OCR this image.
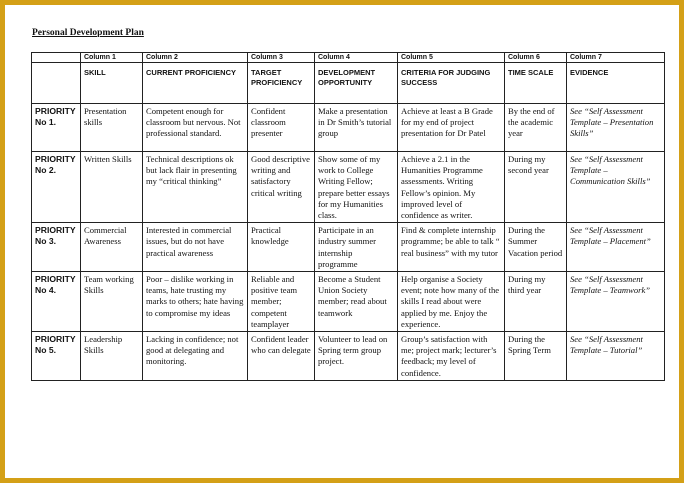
Personal Development Plan
	Column 1	Column 2	Column 3	Column 4	Column 5	Column 6	Column 7
	SKILL	CURRENT PROFICIENCY	TARGET PROFICIENCY	DEVELOPMENT OPPORTUNITY	CRITERIA FOR JUDGING SUCCESS	TIME SCALE	EVIDENCE
PRIORITY No 1.	Presentation skills	Competent enough for classroom but nervous. Not professional standard.	Confident classroom presenter	Make a presentation in Dr Smith’s tutorial group	Achieve at least a B Grade for my end of project presentation for Dr Patel	By the end of the academic year	See “Self Assessment Template – Presentation Skills”
PRIORITY No 2.	Written Skills	Technical descriptions ok but lack flair in presenting my “critical thinking”	Good descriptive writing and satisfactory critical writing	Show some of my work to College Writing Fellow; prepare better essays for my Humanities class.	Achieve a 2.1 in the Humanities Programme assessments. Writing Fellow’s opinion. My improved level of confidence as writer.	During my second year	See “Self Assessment Template – Communication Skills”
PRIORITY No 3.	Commercial Awareness	Interested in commercial issues, but do not have practical awareness	Practical knowledge	Participate in an industry summer internship programme	Find & complete internship programme; be able to talk “ real business” with my tutor	During the Summer Vacation period	See “Self Assessment Template – Placement”
PRIORITY No 4.	Team working Skills	Poor – dislike working in teams, hate trusting my marks to others; hate having to compromise my ideas	Reliable and positive team member; competent teamplayer	Become a Student Union Society member; read about teamwork	Help organise a Society event; note how many of the skills I read about were applied by me. Enjoy the experience.	During my third year	See “Self Assessment Template – Teamwork”
PRIORITY No 5.	Leadership Skills	Lacking in confidence; not good at delegating and monitoring.	Confident leader who can delegate	Volunteer to lead on Spring term group project.	Group’s satisfaction with me; project mark; lecturer’s feedback; my level of confidence.	During the Spring Term	See “Self Assessment Template – Tutorial”
